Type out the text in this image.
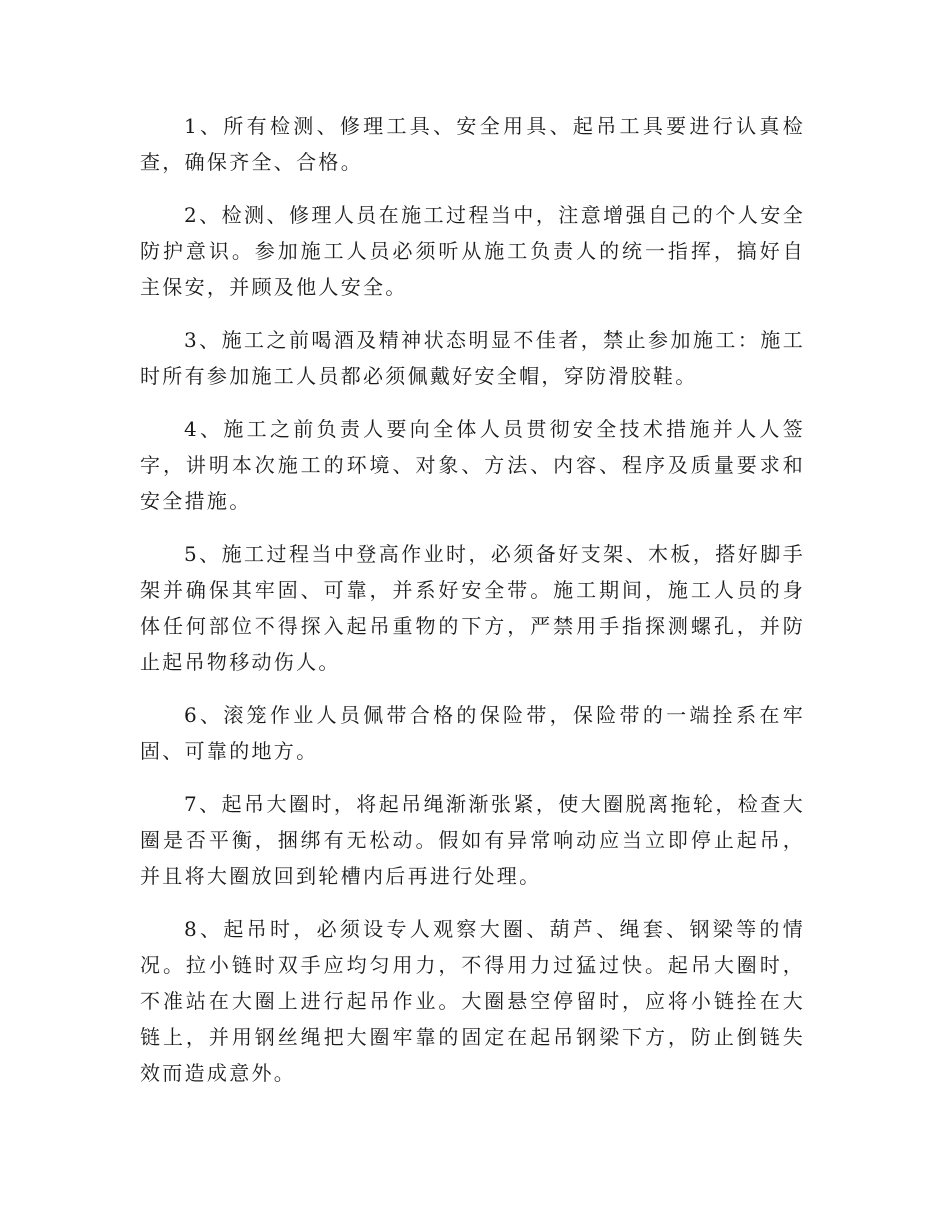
1、所有检测、修理工具、安全用具、起吊工具要进行认真检查，确保齐全、合格。

2、检测、修理人员在施工过程当中，注意增强自己的个人安全防护意识。参加施工人员必须听从施工负责人的统一指挥，搞好自主保安，并顾及他人安全。

3、施工之前喝酒及精神状态明显不佳者，禁止参加施工：施工时所有参加施工人员都必须佩戴好安全帽，穿防滑胶鞋。

4、施工之前负责人要向全体人员贯彻安全技术措施并人人签字，讲明本次施工的环境、对象、方法、内容、程序及质量要求和安全措施。

5、施工过程当中登高作业时，必须备好支架、木板，搭好脚手架并确保其牢固、可靠，并系好安全带。施工期间，施工人员的身体任何部位不得探入起吊重物的下方，严禁用手指探测螺孔，并防止起吊物移动伤人。

6、滚笼作业人员佩带合格的保险带，保险带的一端拴系在牢固、可靠的地方。

7、起吊大圈时，将起吊绳渐渐张紧，使大圈脱离拖轮，检查大圈是否平衡，捆绑有无松动。假如有异常响动应当立即停止起吊，并且将大圈放回到轮槽内后再进行处理。

8、起吊时，必须设专人观察大圈、葫芦、绳套、钢梁等的情况。拉小链时双手应均匀用力，不得用力过猛过快。起吊大圈时，不准站在大圈上进行起吊作业。大圈悬空停留时，应将小链拴在大链上，并用钢丝绳把大圈牢靠的固定在起吊钢梁下方，防止倒链失效而造成意外。
